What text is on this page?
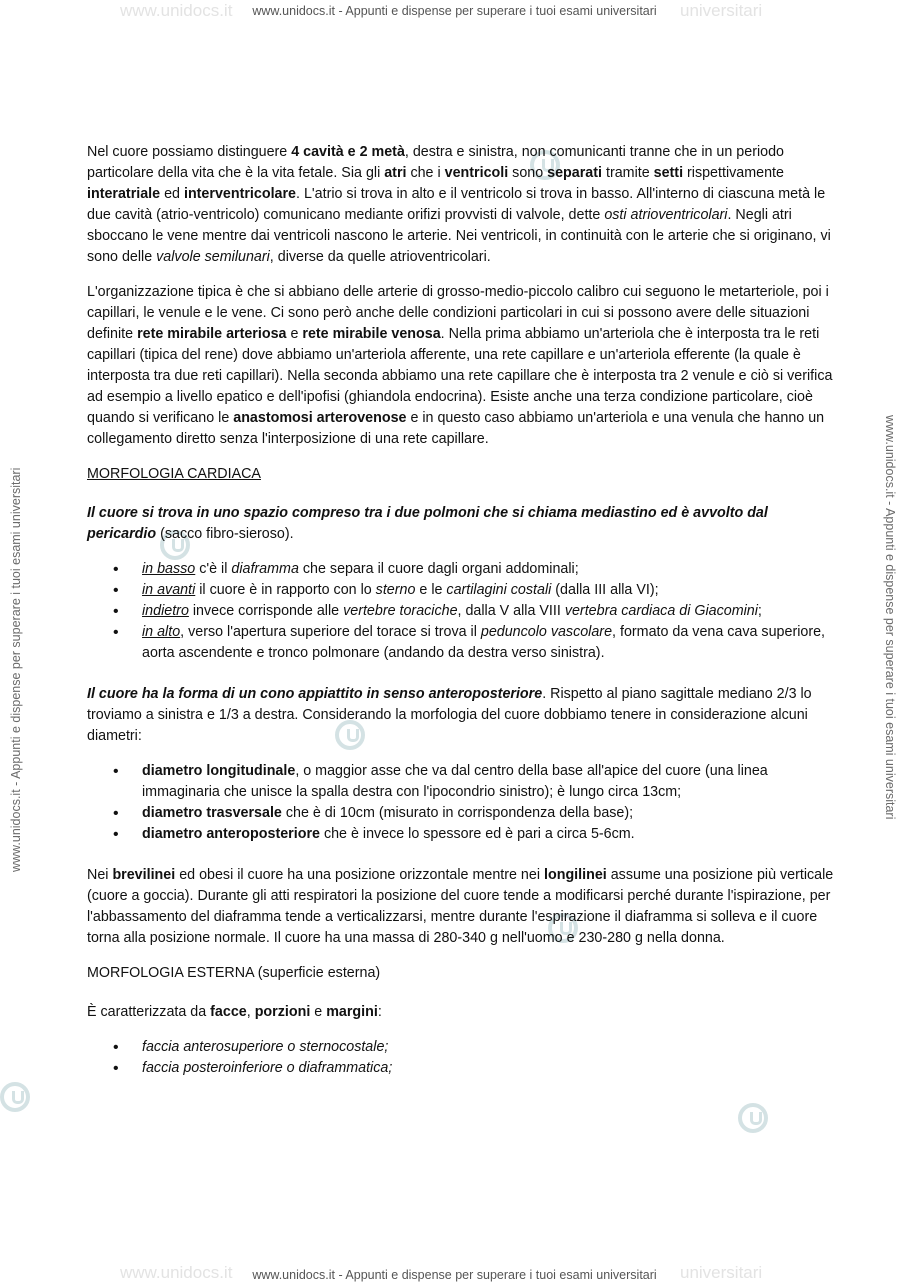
www.unidocs.it	universitari
www.unidocs.it - Appunti e dispense per superare i tuoi esami universitari
www.unidocs.it - Appunti e dispense per superare i tuoi esami universitari	www.unidocs.it - Appunti e dispense per superare i tuoi esami universitari

Nel cuore possiamo distinguere 4 cavità e 2 metà, destra e sinistra, non comunicanti tranne che in un periodo particolare della vita che è la vita fetale. Sia gli atri che i ventricoli sono separati tramite setti rispettivamente interatriale ed interventricolare. L'atrio si trova in alto e il ventricolo si trova in basso. All'interno di ciascuna metà le due cavità (atrio-ventricolo) comunicano mediante orifizi provvisti di valvole, dette osti atrioventricolari. Negli atri sboccano le vene mentre dai ventricoli nascono le arterie. Nei ventricoli, in continuità con le arterie che si originano, vi sono delle valvole semilunari, diverse da quelle atrioventricolari.

L'organizzazione tipica è che si abbiano delle arterie di grosso-medio-piccolo calibro cui seguono le metarteriole, poi i capillari, le venule e le vene. Ci sono però anche delle condizioni particolari in cui si possono avere delle situazioni definite rete mirabile arteriosa e rete mirabile venosa. Nella prima abbiamo un'arteriola che è interposta tra le reti capillari (tipica del rene) dove abbiamo un'arteriola afferente, una rete capillare e un'arteriola efferente (la quale è interposta tra due reti capillari). Nella seconda abbiamo una rete capillare che è interposta tra 2 venule e ciò si verifica ad esempio a livello epatico e dell'ipofisi (ghiandola endocrina). Esiste anche una terza condizione particolare, cioè quando si verificano le anastomosi arterovenose e in questo caso abbiamo un'arteriola e una venula che hanno un collegamento diretto senza l'interposizione di una rete capillare.

MORFOLOGIA CARDIACA

Il cuore si trova in uno spazio compreso tra i due polmoni che si chiama mediastino ed è avvolto dal pericardio (sacco fibro-sieroso).

• in basso c'è il diaframma che separa il cuore dagli organi addominali;
• in avanti il cuore è in rapporto con lo sterno e le cartilagini costali (dalla III alla VI);
• indietro invece corrisponde alle vertebre toraciche, dalla V alla VIII vertebra cardiaca di Giacomini;
• in alto, verso l'apertura superiore del torace si trova il peduncolo vascolare, formato da vena cava superiore, aorta ascendente e tronco polmonare (andando da destra verso sinistra).

Il cuore ha la forma di un cono appiattito in senso anteroposteriore. Rispetto al piano sagittale mediano 2/3 lo troviamo a sinistra e 1/3 a destra. Considerando la morfologia del cuore dobbiamo tenere in considerazione alcuni diametri:

• diametro longitudinale, o maggior asse che va dal centro della base all'apice del cuore (una linea immaginaria che unisce la spalla destra con l'ipocondrio sinistro); è lungo circa 13cm;
• diametro trasversale che è di 10cm (misurato in corrispondenza della base);
• diametro anteroposteriore che è invece lo spessore ed è pari a circa 5-6cm.

Nei brevilinei ed obesi il cuore ha una posizione orizzontale mentre nei longilinei assume una posizione più verticale (cuore a goccia). Durante gli atti respiratori la posizione del cuore tende a modificarsi perché durante l'ispirazione, per l'abbassamento del diaframma tende a verticalizzarsi, mentre durante l'espirazione il diaframma si solleva e il cuore torna alla posizione normale. Il cuore ha una massa di 280-340 g nell'uomo e 230-280 g nella donna.

MORFOLOGIA ESTERNA (superficie esterna)

È caratterizzata da facce, porzioni e margini:

• faccia anterosuperiore o sternocostale;
• faccia posteroinferiore o diaframmatica;
www.unidocs.it	universitari
www.unidocs.it - Appunti e dispense per superare i tuoi esami universitari
